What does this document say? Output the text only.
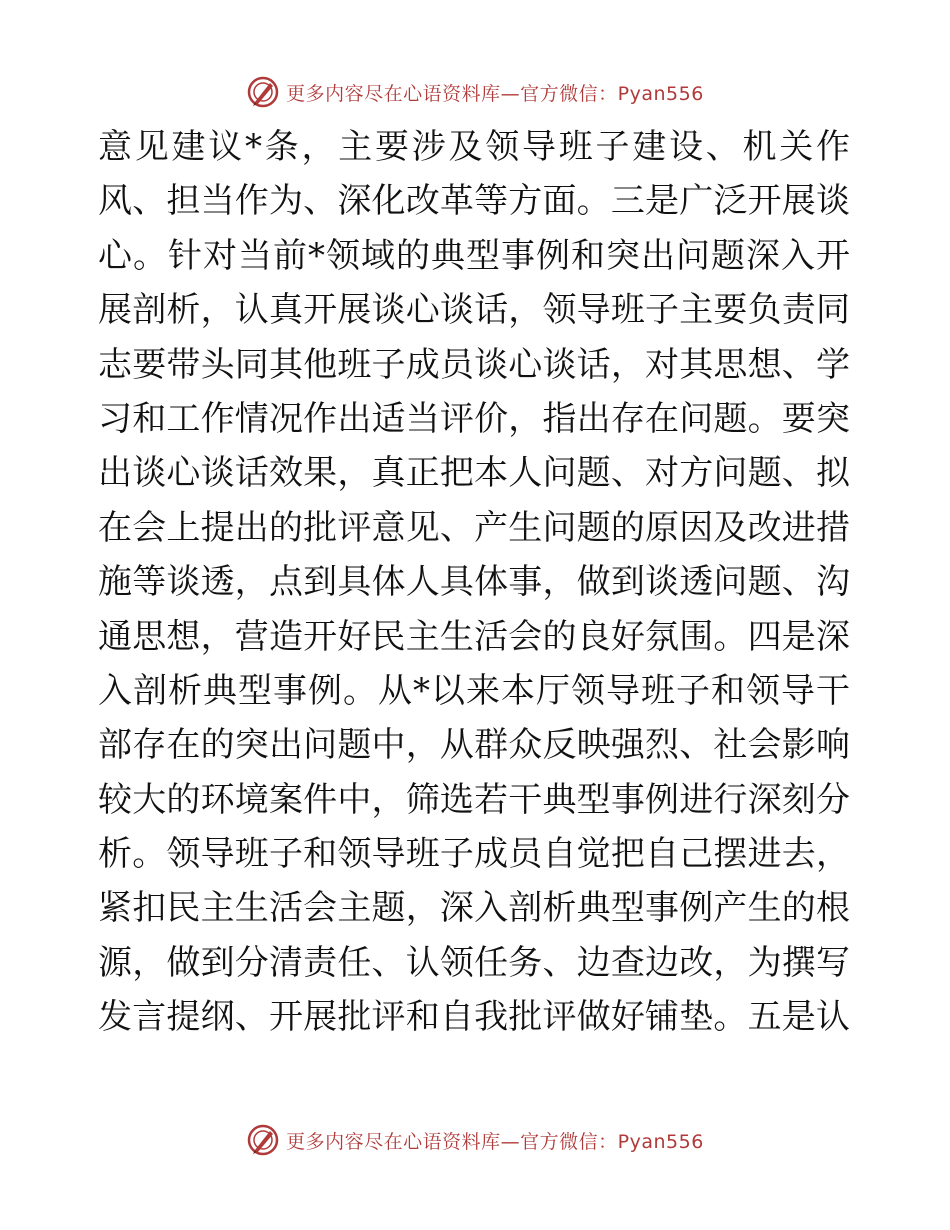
更多内容尽在心语资料库—官方微信：Pyan556
意见建议*条，主要涉及领导班子建设、机关作
风、担当作为、深化改革等方面。三是广泛开展谈
心。针对当前*领域的典型事例和突出问题深入开
展剖析，认真开展谈心谈话，领导班子主要负责同
志要带头同其他班子成员谈心谈话，对其思想、学
习和工作情况作出适当评价，指出存在问题。要突
出谈心谈话效果，真正把本人问题、对方问题、拟
在会上提出的批评意见、产生问题的原因及改进措
施等谈透，点到具体人具体事，做到谈透问题、沟
通思想，营造开好民主生活会的良好氛围。四是深
入剖析典型事例。从*以来本厅领导班子和领导干
部存在的突出问题中，从群众反映强烈、社会影响
较大的环境案件中，筛选若干典型事例进行深刻分
析。领导班子和领导班子成员自觉把自己摆进去，
紧扣民主生活会主题，深入剖析典型事例产生的根
源，做到分清责任、认领任务、边查边改，为撰写
发言提纲、开展批评和自我批评做好铺垫。五是认
更多内容尽在心语资料库—官方微信：Pyan556
